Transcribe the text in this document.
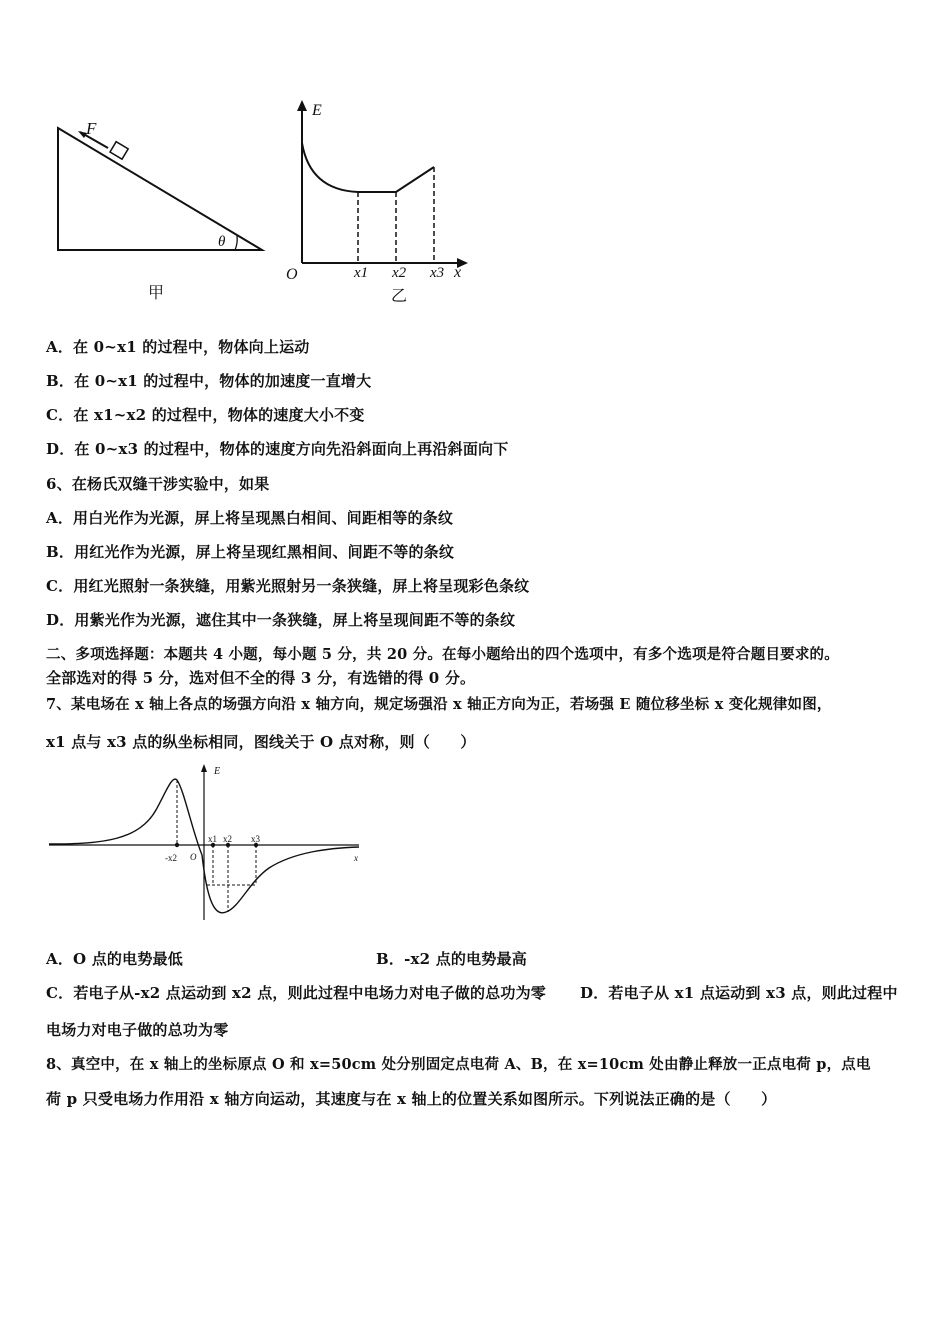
F
θ
甲
E
x
O	x1 x2 x3
乙
A．在 0~x1 的过程中，物体向上运动
B．在 0~x1 的过程中，物体的加速度一直增大
C．在 x1~x2 的过程中，物体的速度大小不变
D．在 0~x3 的过程中，物体的速度方向先沿斜面向上再沿斜面向下
6、在杨氏双缝干涉实验中，如果
A．用白光作为光源，屏上将呈现黑白相间、间距相等的条纹
B．用红光作为光源，屏上将呈现红黑相间、间距不等的条纹
C．用红光照射一条狭缝，用紫光照射另一条狭缝，屏上将呈现彩色条纹
D．用紫光作为光源，遮住其中一条狭缝，屏上将呈现间距不等的条纹
二、多项选择题：本题共 4 小题，每小题 5 分，共 20 分。在每小题给出的四个选项中，有多个选项是符合题目要求的。
全部选对的得 5 分，选对但不全的得 3 分，有选错的得 0 分。
7、某电场在 x 轴上各点的场强方向沿 x 轴方向，规定场强沿 x 轴正方向为正，若场强 E 随位移坐标 x 变化规律如图，
x1 点与 x3 点的纵坐标相同，图线关于 O 点对称，则（　　）
E
x
O
-x2
x1 x2 x3
A．O 点的电势最低	B．-x2 点的电势最高
C．若电子从-x2 点运动到 x2 点，则此过程中电场力对电子做的总功为零 D．若电子从 x1 点运动到 x3 点，则此过程中
电场力对电子做的总功为零
8、真空中，在 x 轴上的坐标原点 O 和 x=50cm 处分别固定点电荷 A、B，在 x=10cm 处由静止释放一正点电荷 p，点电
荷 p 只受电场力作用沿 x 轴方向运动，其速度与在 x 轴上的位置关系如图所示。下列说法正确的是（　　）
